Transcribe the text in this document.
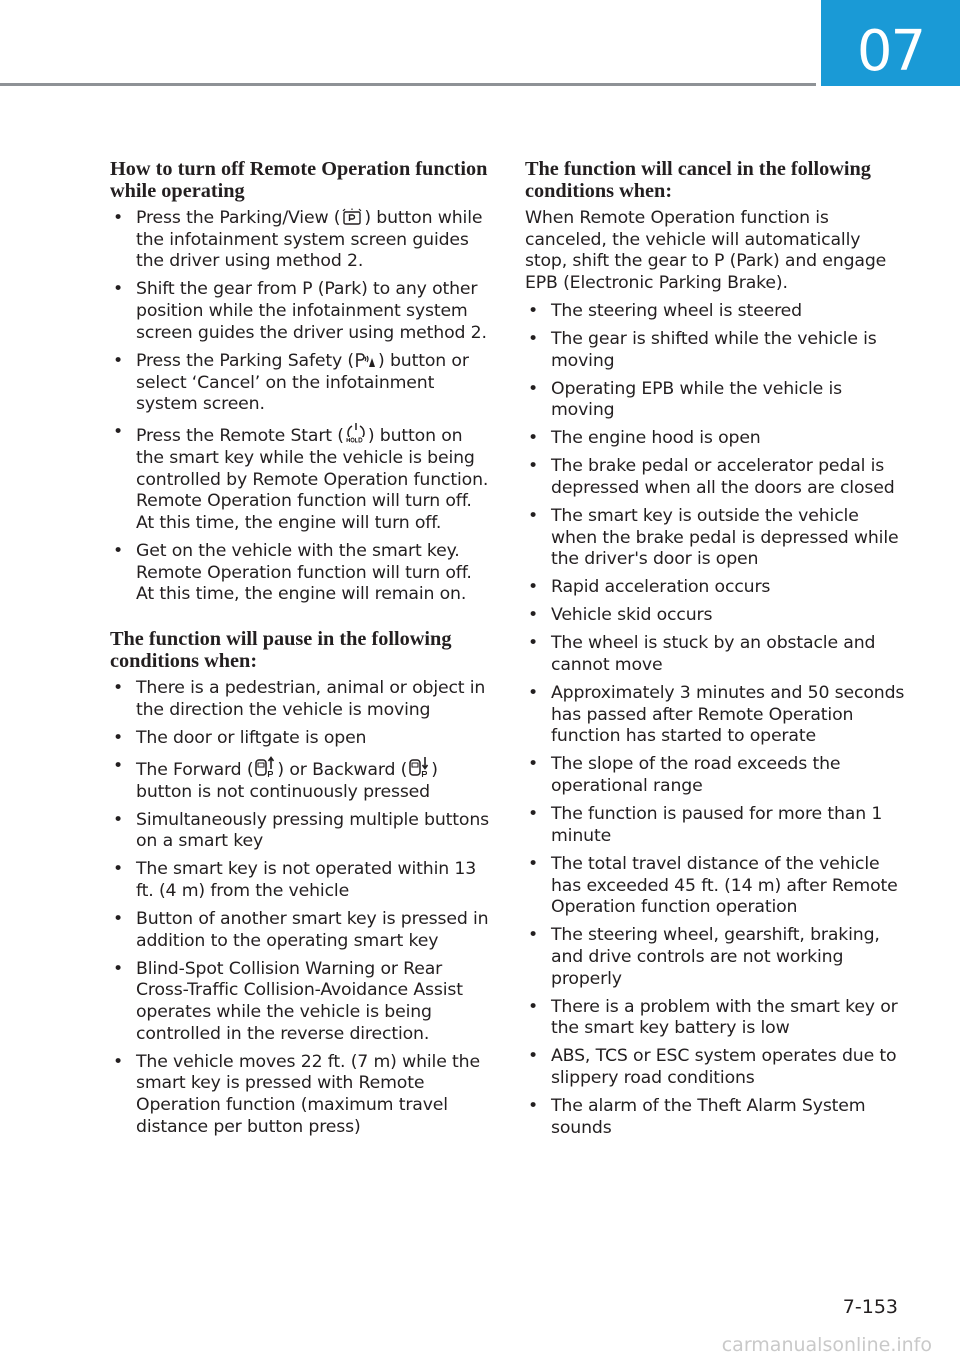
07
How to turn off Remote Operation function while operating
• Press the Parking/View ( ) button while the infotainment system screen guides the driver using method 2.
• Shift the gear from P (Park) to any other position while the infotainment system screen guides the driver using method 2.
• Press the Parking Safety ( ) button or select ‘Cancel’ on the infotainment system screen.
• Press the Remote Start ( ) button on the smart key while the vehicle is being controlled by Remote Operation function. Remote Operation function will turn off. At this time, the engine will turn off.
• Get on the vehicle with the smart key. Remote Operation function will turn off. At this time, the engine will remain on.
The function will pause in the following conditions when:
• There is a pedestrian, animal or object in the direction the vehicle is moving
• The door or liftgate is open
• The Forward ( ) or Backward ( ) button is not continuously pressed
• Simultaneously pressing multiple buttons on a smart key
• The smart key is not operated within 13 ft. (4 m) from the vehicle
• Button of another smart key is pressed in addition to the operating smart key
• Blind-Spot Collision Warning or Rear Cross-Traffic Collision-Avoidance Assist operates while the vehicle is being controlled in the reverse direction.
• The vehicle moves 22 ft. (7 m) while the smart key is pressed with Remote Operation function (maximum travel distance per button press)
The function will cancel in the following conditions when:

When Remote Operation function is canceled, the vehicle will automatically stop, shift the gear to P (Park) and engage EPB (Electronic Parking Brake).

• The steering wheel is steered
• The gear is shifted while the vehicle is moving
• Operating EPB while the vehicle is moving
• The engine hood is open
• The brake pedal or accelerator pedal is depressed when all the doors are closed
• The smart key is outside the vehicle when the brake pedal is depressed while the driver's door is open
• Rapid acceleration occurs
• Vehicle skid occurs
• The wheel is stuck by an obstacle and cannot move
• Approximately 3 minutes and 50 seconds has passed after Remote Operation function has started to operate
• The slope of the road exceeds the operational range
• The function is paused for more than 1 minute
• The total travel distance of the vehicle has exceeded 45 ft. (14 m) after Remote Operation function operation
• The steering wheel, gearshift, braking, and drive controls are not working properly
• There is a problem with the smart key or the smart key battery is low
• ABS, TCS or ESC system operates due to slippery road conditions
• The alarm of the Theft Alarm System sounds
7-153
carmanualsonline.info
